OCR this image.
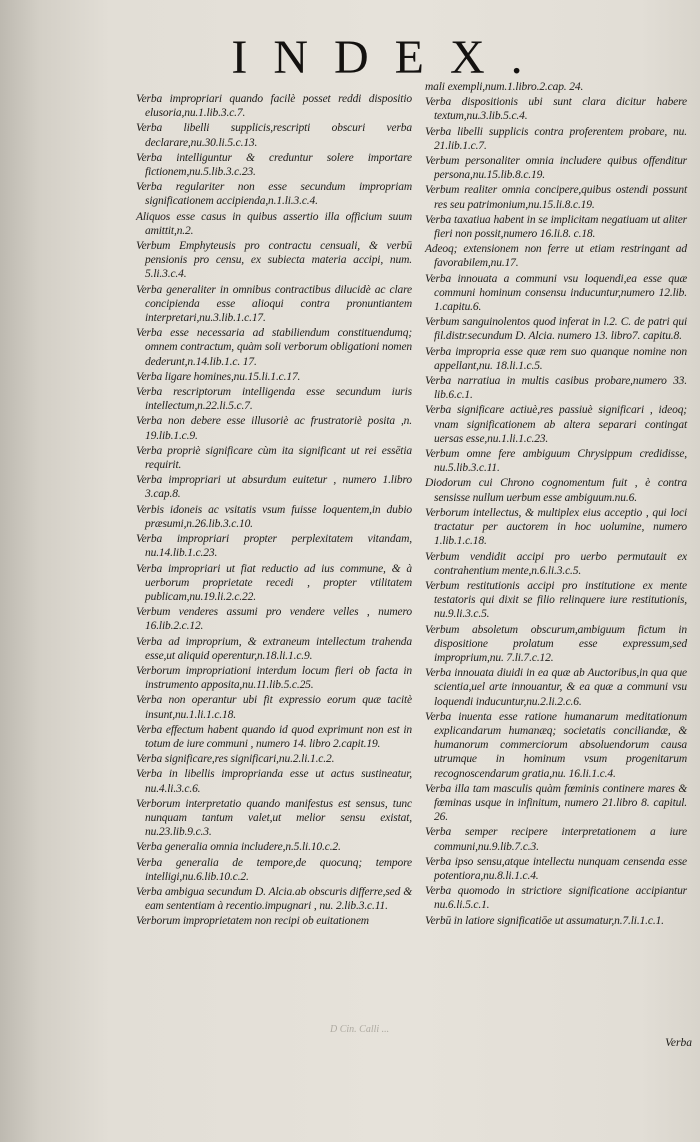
INDEX.
Verba impropriari quando facilè posset reddi dispositio elusoria,nu.1.lib.3.c.7.
Verba libelli supplicis,rescripti obscuri verba declarare,nu.30.li.5.c.13.
Verba intelliguntur & creduntur solere importare fictionem,nu.5.lib.3.c.23.
Verba regulariter non esse secundum impropriam significationem accipienda,n.1.li.3.c.4.
Aliquos esse casus in quibus assertio illa officium suum amittit,n.2.
Verbum Emphyteusis pro contractu censuali, & verbū pensionis pro censu, ex subiecta materia accipi, num. 5.li.3.c.4.
Verba generaliter in omnibus contractibus dilucidè ac clare concipienda esse alioqui contra pronuntiantem interpretari,nu.3.lib.1.c.17.
Verba esse necessaria ad stabiliendum constituendumq; omnem contractum, quàm soli verborum obligationi nomen dederunt,n.14.lib.1.c. 17.
Verba ligare homines,nu.15.li.1.c.17.
Verba rescriptorum intelligenda esse secundum iuris intellectum,n.22.li.5.c.7.
Verba non debere esse illusoriè ac frustratoriè posita ,n. 19.lib.1.c.9.
Verba propriè significare cùm ita significant ut rei essētia requirit.
Verba impropriari ut absurdum euitetur , numero 1.libro 3.cap.8.
Verbis idoneis ac vsitatis vsum fuisse loquentem,in dubio præsumi,n.26.lib.3.c.10.
Verba impropriari propter perplexitatem vitandam, nu.14.lib.1.c.23.
Verba impropriari ut fiat reductio ad ius commune, & à uerborum proprietate recedi , propter vtilitatem publicam,nu.19.li.2.c.22.
Verbum venderes assumi pro vendere velles , numero 16.lib.2.c.12.
Verba ad improprium, & extraneum intellectum trahenda esse,ut aliquid operentur,n.18.li.1.c.9.
Verborum impropriationi interdum locum fieri ob facta in instrumento apposita,nu.11.lib.5.c.25.
Verba non operantur ubi fit expressio eorum quæ tacitè insunt,nu.1.li.1.c.18.
Verba effectum habent quando id quod exprimunt non est in totum de iure communi , numero 14. libro 2.capit.19.
Verba significare,res significari,nu.2.li.1.c.2.
Verba in libellis improprianda esse ut actus sustineatur, nu.4.li.3.c.6.
Verborum interpretatio quando manifestus est sensus, tunc nunquam tantum valet,ut melior sensu existat, nu.23.lib.9.c.3.
Verba generalia omnia includere,n.5.li.10.c.2.
Verba generalia de tempore,de quocunq; tempore intelligi,nu.6.lib.10.c.2.
Verba ambigua secundum D. Alcia.ab obscuris differre,sed & eam sententiam à recentio.impugnari , nu. 2.lib.3.c.11.
Verborum improprietatem non recipi ob euitationem
mali exempli,num.1.libro.2.cap. 24.
Verba dispositionis ubi sunt clara dicitur habere textum,nu.3.lib.5.c.4.
Verba libelli supplicis contra proferentem probare, nu. 21.lib.1.c.7.
Verbum personaliter omnia includere quibus offenditur persona,nu.15.lib.8.c.19.
Verbum realiter omnia concipere,quibus ostendi possunt res seu patrimonium,nu.15.li.8.c.19.
Verba taxatiua habent in se implicitam negatiuam ut aliter fieri non possit,numero 16.li.8. c.18.
Adeoq; extensionem non ferre ut etiam restringant ad favorabilem,nu.17.
Verba innouata a communi vsu loquendi,ea esse quæ communi hominum consensu inducuntur,numero 12.lib. 1.capitu.6.
Verbum sanguinolentos quod inferat in l.2. C. de patri qui fil.distr.secundum D. Alcia. numero 13. libro7. capitu.8.
Verba impropria esse quæ rem suo quanque nomine non appellant,nu. 18.li.1.c.5.
Verba narratiua in multis casibus probare,numero 33. lib.6.c.1.
Verba significare actiuè,res passiuè significari , ideoq; vnam significationem ab altera separari contingat uersas esse,nu.1.li.1.c.23.
Verbum omne fere ambiguum Chrysippum credidisse, nu.5.lib.3.c.11.
Diodorum cui Chrono cognomentum fuit , è contra sensisse nullum uerbum esse ambiguum.nu.6.
Verborum intellectus, & multiplex eius acceptio , qui loci tractatur per auctorem in hoc uolumine, numero 1.lib.1.c.18.
Verbum vendidit accipi pro uerbo permutauit ex contrahentium mente,n.6.li.3.c.5.
Verbum restitutionis accipi pro institutione ex mente testatoris qui dixit se filio relinquere iure restitutionis, nu.9.li.3.c.5.
Verbum absoletum obscurum,ambiguum fictum in dispositione prolatum esse expressum,sed improprium,nu. 7.li.7.c.12.
Verba innouata diuidi in ea quæ ab Auctoribus,in qua que scientia,uel arte innouantur, & ea quæ a communi vsu loquendi inducuntur,nu.2.li.2.c.6.
Verba inuenta esse ratione humanarum meditationum explicandarum humanæq; societatis conciliandæ, & humanorum commerciorum absoluendorum causa utrumque in hominum vsum progenitarum recognoscendarum gratia,nu. 16.li.1.c.4.
Verba illa tam masculis quàm fœminis continere mares & fœminas usque in infinitum, numero 21.libro 8. capitul. 26.
Verba semper recipere interpretationem a iure communi,nu.9.lib.7.c.3.
Verba ipso sensu,atque intellectu nunquam censenda esse potentiora,nu.8.li.1.c.4.
Verba quomodo in strictiore significatione accipiantur nu.6.li.5.c.1.
Verbū in latiore significatiōe ut assumatur,n.7.li.1.c.1.
D Cin. Calli ...
Verba
